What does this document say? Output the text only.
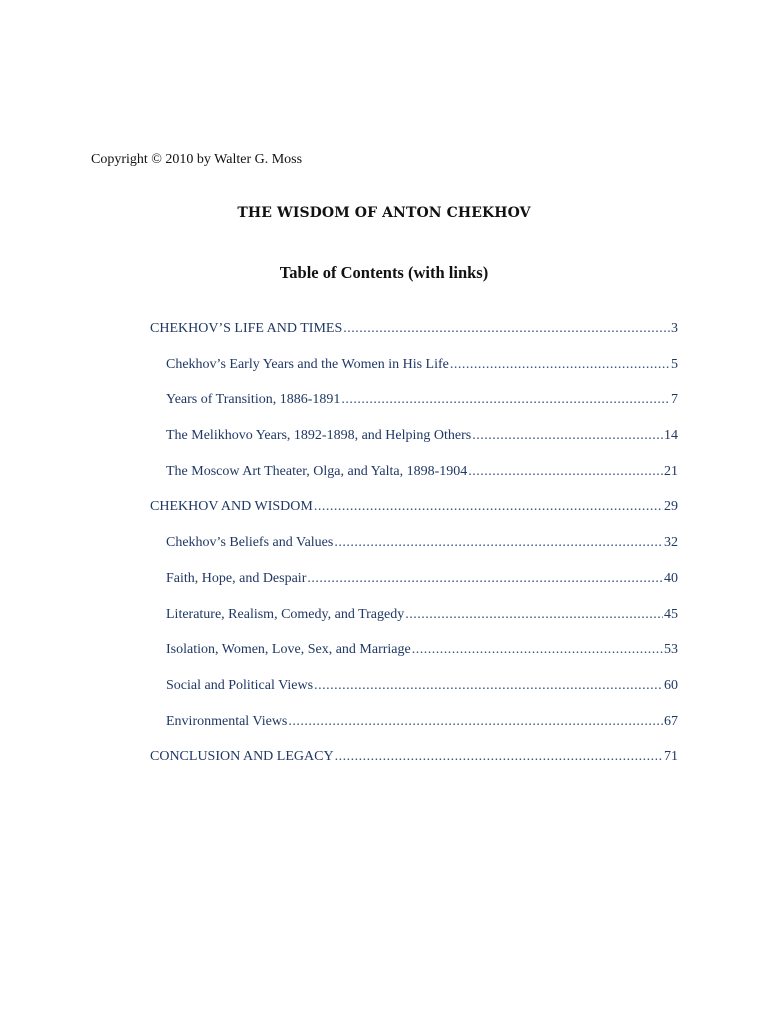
Copyright © 2010 by Walter G. Moss
THE WISDOM OF ANTON CHEKHOV
Table of Contents (with links)
CHEKHOV’S LIFE AND TIMES .....	3
Chekhov’s Early Years and the Women in His Life .....	5
Years of Transition, 1886-1891 .....	7
The Melikhovo Years, 1892-1898, and Helping Others .....	14
The Moscow Art Theater, Olga, and Yalta, 1898-1904 .....	21
CHEKHOV AND WISDOM .....	29
Chekhov’s Beliefs and Values .....	32
Faith, Hope, and Despair .....	40
Literature, Realism, Comedy, and Tragedy .....	45
Isolation, Women, Love, Sex, and Marriage .....	53
Social and Political Views .....	60
Environmental Views .....	67
CONCLUSION AND LEGACY .....	71
